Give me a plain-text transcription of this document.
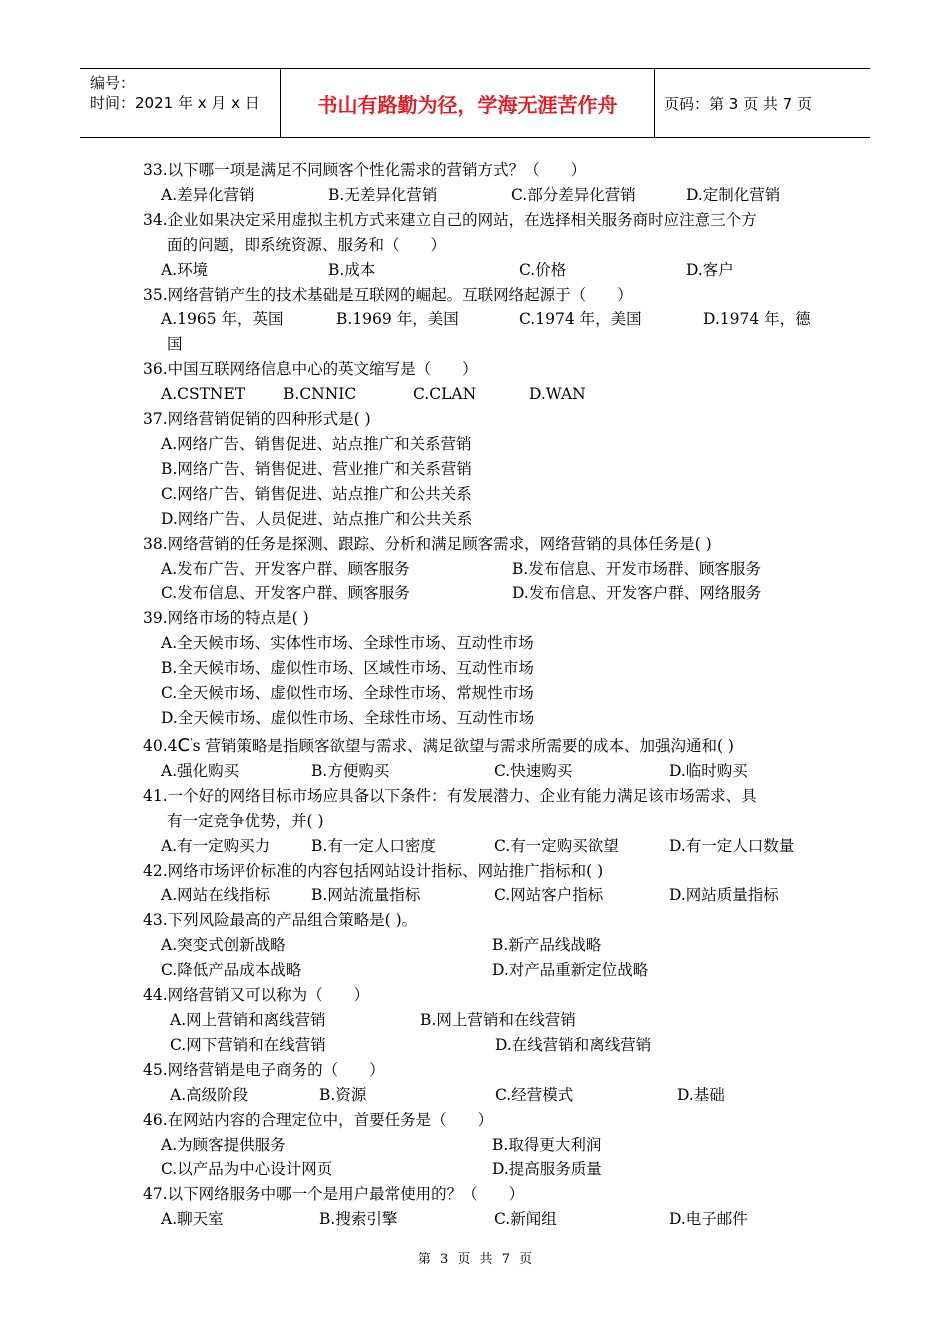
编号：
时间：2021 年 x 月 x 日	书山有路勤为径，学海无涯苦作舟	页码：第 3 页 共 7 页
33.以下哪一项是满足不同顾客个性化需求的营销方式？（　　）
A.差异化营销	B.无差异化营销	C.部分差异化营销	D.定制化营销
34.企业如果决定采用虚拟主机方式来建立自己的网站，在选择相关服务商时应注意三个方
面的问题，即系统资源、服务和（　　）
A.环境	B.成本	C.价格	D.客户
35.网络营销产生的技术基础是互联网的崛起。互联网络起源于（　　）
A.1965 年，英国	B.1969 年，美国	C.1974 年，美国	D.1974 年，德
国
36.中国互联网络信息中心的英文缩写是（　　）
A.CSTNET	B.CNNIC	C.CLAN	D.WAN
37.网络营销促销的四种形式是( )
A.网络广告、销售促进、站点推广和关系营销
B.网络广告、销售促进、营业推广和关系营销
C.网络广告、销售促进、站点推广和公共关系
D.网络广告、人员促进、站点推广和公共关系
38.网络营销的任务是探测、跟踪、分析和满足顾客需求，网络营销的具体任务是( )
A.发布广告、开发客户群、顾客服务	B.发布信息、开发市场群、顾客服务
C.发布信息、开发客户群、顾客服务	D.发布信息、开发客户群、网络服务
39.网络市场的特点是( )
A.全天候市场、实体性市场、全球性市场、互动性市场
B.全天候市场、虚似性市场、区域性市场、互动性市场
C.全天候市场、虚似性市场、全球性市场、常规性市场
D.全天候市场、虚似性市场、全球性市场、互动性市场
40.4C's 营销策略是指顾客欲望与需求、满足欲望与需求所需要的成本、加强沟通和( )
A.强化购买	B.方便购买	C.快速购买	D.临时购买
41.一个好的网络目标市场应具备以下条件：有发展潜力、企业有能力满足该市场需求、具
有一定竞争优势，并( )
A.有一定购买力	B.有一定人口密度	C.有一定购买欲望	D.有一定人口数量
42.网络市场评价标准的内容包括网站设计指标、网站推广指标和( )
A.网站在线指标	B.网站流量指标	C.网站客户指标	D.网站质量指标
43.下列风险最高的产品组合策略是( )。
A.突变式创新战略	B.新产品线战略
C.降低产品成本战略	D.对产品重新定位战略
44.网络营销又可以称为（　　）
A.网上营销和离线营销	B.网上营销和在线营销
C.网下营销和在线营销	D.在线营销和离线营销
45.网络营销是电子商务的（　　）
A.高级阶段	B.资源	C.经营模式	D.基础
46.在网站内容的合理定位中，首要任务是（　　）
A.为顾客提供服务	B.取得更大利润
C.以产品为中心设计网页	D.提高服务质量
47.以下网络服务中哪一个是用户最常使用的？（　　）
A.聊天室	B.搜索引擎	C.新闻组	D.电子邮件
第 3 页 共 7 页
